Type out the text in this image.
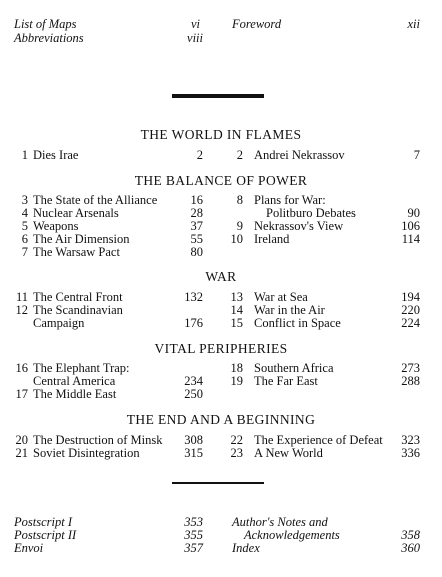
List of Maps	vi
Abbreviations	viii
Foreword	xii
THE WORLD IN FLAMES
1 Dies Irae	2	2 Andrei Nekrassov	7
THE BALANCE OF POWER
3 The State of the Alliance	16
4 Nuclear Arsenals	28
5 Weapons	37
6 The Air Dimension	55
7 The Warsaw Pact	80
8 Plans for War:
Politburo Debates	90
9 Nekrassov's View	106
10 Ireland	114
WAR
11 The Central Front	132
12 The Scandinavian
Campaign	176
13 War at Sea	194
14 War in the Air	220
15 Conflict in Space	224
VITAL PERIPHERIES
16 The Elephant Trap:
Central America	234
17 The Middle East	250
18 Southern Africa	273
19 The Far East	288
THE END AND A BEGINNING
20 The Destruction of Minsk	308
21 Soviet Disintegration	315
22 The Experience of Defeat 323
23 A New World	336
Postscript I	353
Postscript II	355
Envoi	357
Author's Notes and
Acknowledgements	358
Index	360
